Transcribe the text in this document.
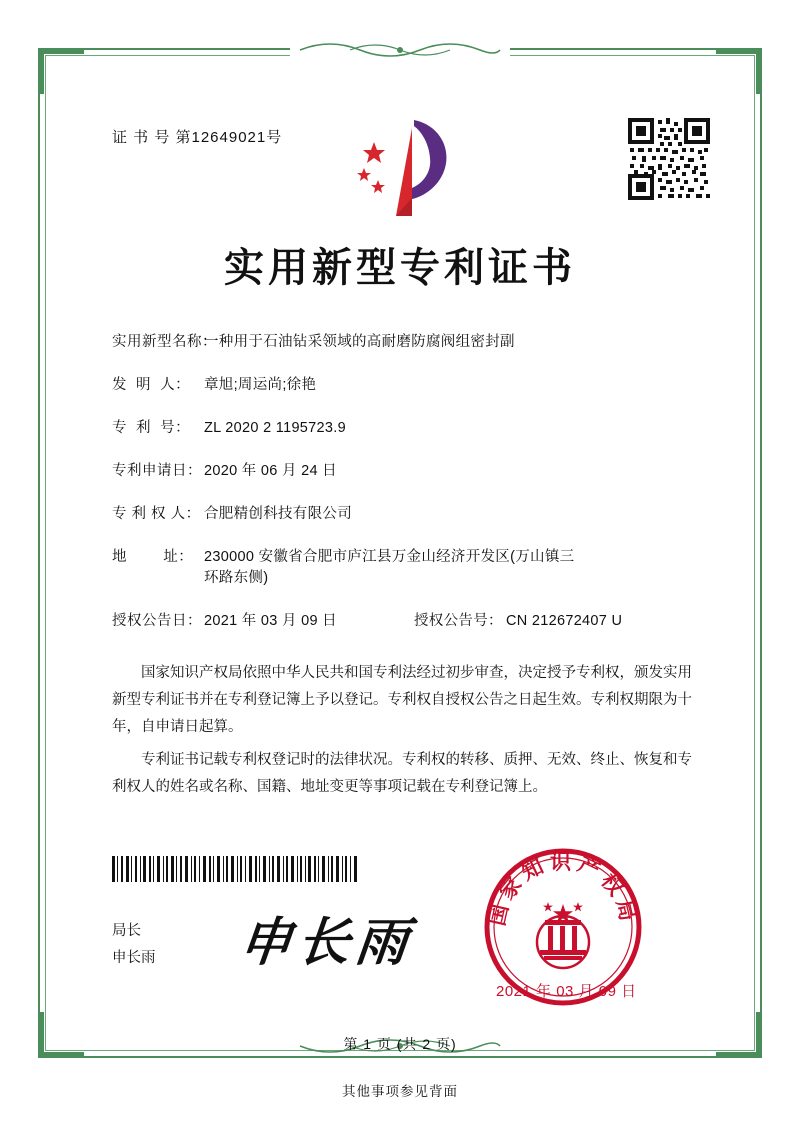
证 书 号 第12649021号
实用新型专利证书
实用新型名称：
一种用于石油钻采领域的高耐磨防腐阀组密封副
发  明  人： 章旭;周运尚;徐艳
专  利  号： ZL 2020 2 1195723.9
专利申请日： 2020 年 06 月 24 日
专 利 权 人： 合肥精创科技有限公司
地        址： 230000 安徽省合肥市庐江县万金山经济开发区(万山镇三
环路东侧)
授权公告日： 2021 年 03 月 09 日	授权公告号： CN 212672407 U

国家知识产权局依照中华人民共和国专利法经过初步审查，决定授予专利权，颁发实用新型专利证书并在专利登记簿上予以登记。专利权自授权公告之日起生效。专利权期限为十年，自申请日起算。

专利证书记载专利权登记时的法律状况。专利权的转移、质押、无效、终止、恢复和专利权人的姓名或名称、国籍、地址变更等事项记载在专利登记簿上。

局长
申长雨 申长雨
国家知识产权局
2021 年 03 月 09 日
第 1 页 (共 2 页)
其他事项参见背面
